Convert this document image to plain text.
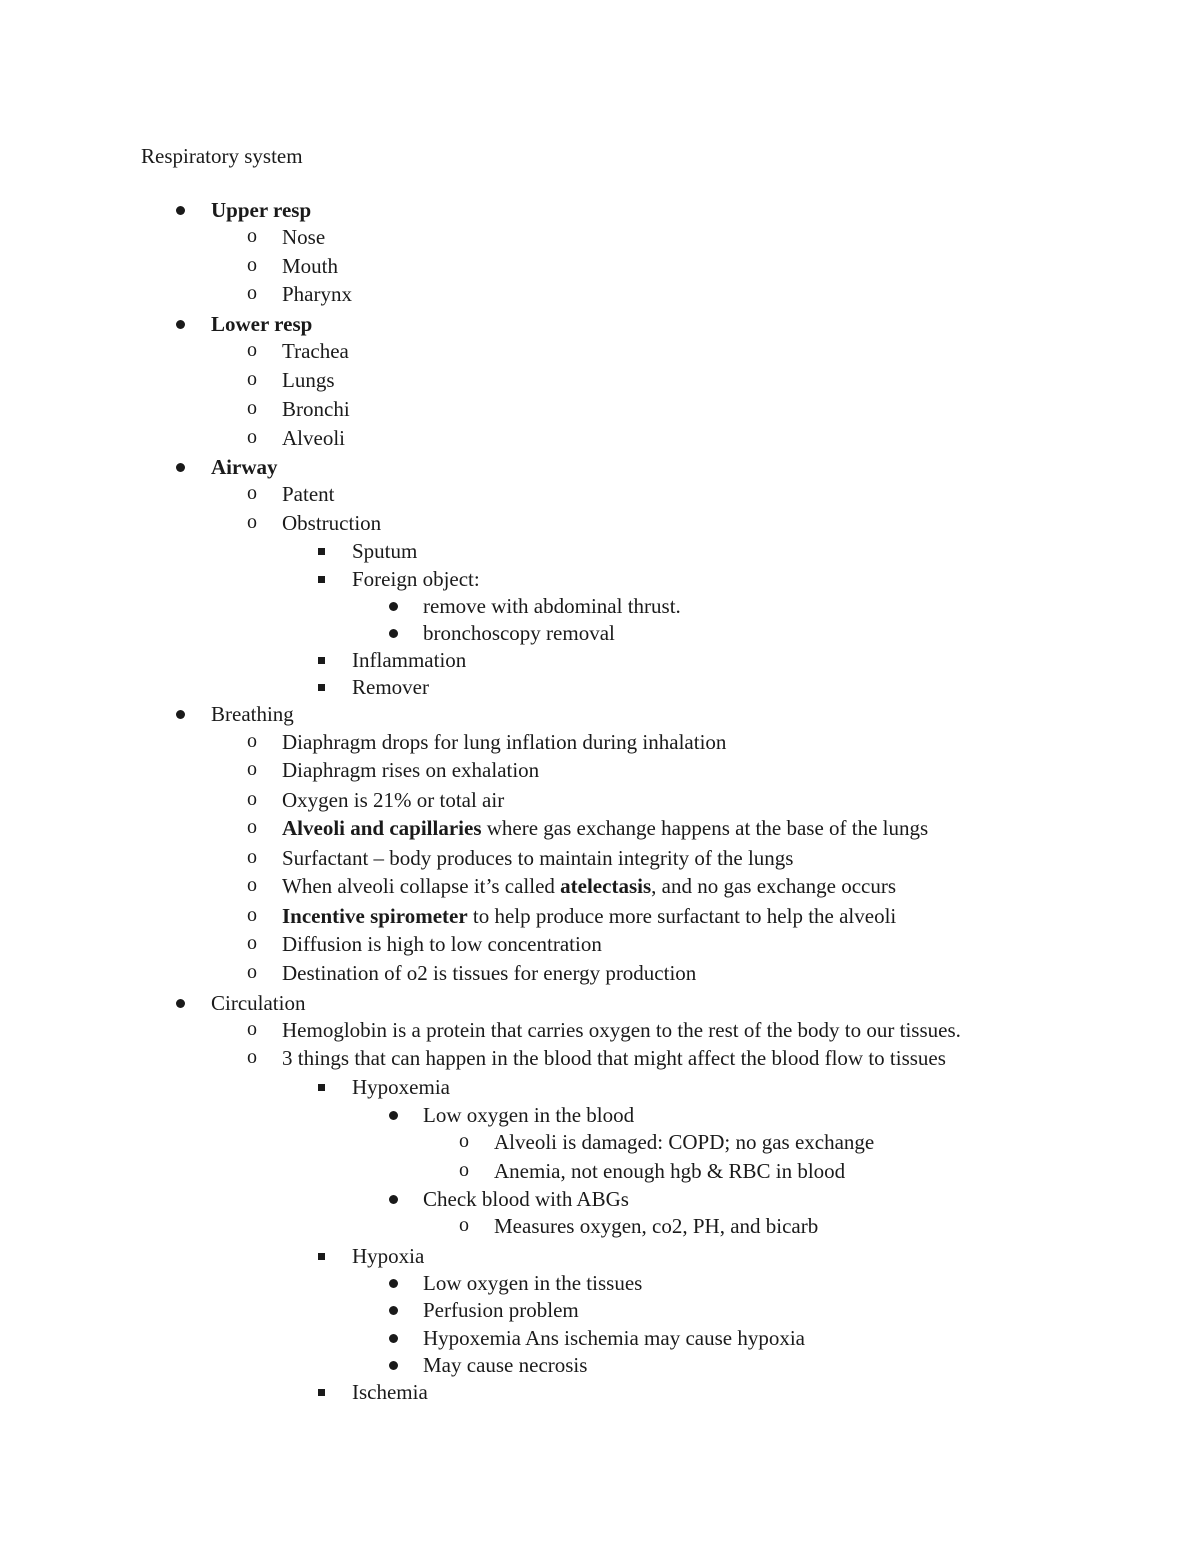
Respiratory system
Upper resp
o Nose
o Mouth
o Pharynx
Lower resp
o Trachea
o Lungs
o Bronchi
o Alveoli
Airway
o Patent
o Obstruction
Sputum
Foreign object:
remove with abdominal thrust.
bronchoscopy removal
Inflammation
Remover
Breathing
o Diaphragm drops for lung inflation during inhalation
o Diaphragm rises on exhalation
o Oxygen is 21% or total air
o Alveoli and capillaries where gas exchange happens at the base of the lungs
o Surfactant – body produces to maintain integrity of the lungs
o When alveoli collapse it’s called atelectasis, and no gas exchange occurs
o Incentive spirometer to help produce more surfactant to help the alveoli
o Diffusion is high to low concentration
o Destination of o2 is tissues for energy production
Circulation
o Hemoglobin is a protein that carries oxygen to the rest of the body to our tissues.
o 3 things that can happen in the blood that might affect the blood flow to tissues
Hypoxemia
Low oxygen in the blood
o Alveoli is damaged: COPD; no gas exchange
o Anemia, not enough hgb & RBC in blood
Check blood with ABGs
o Measures oxygen, co2, PH, and bicarb
Hypoxia
Low oxygen in the tissues
Perfusion problem
Hypoxemia Ans ischemia may cause hypoxia
May cause necrosis
Ischemia
